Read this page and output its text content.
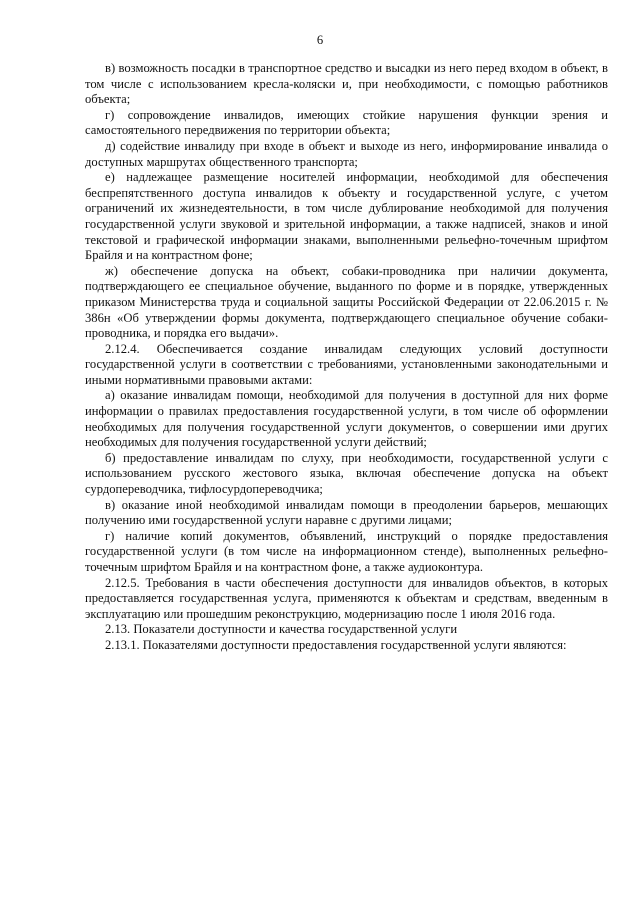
6

в) возможность посадки в транспортное средство и высадки из него перед входом в объект, в том числе с использованием кресла-коляски и, при необходимости, с помощью работников объекта;

г) сопровождение инвалидов, имеющих стойкие нарушения функции зрения и самостоятельного передвижения по территории объекта;

д) содействие инвалиду при входе в объект и выходе из него, информирование инвалида о доступных маршрутах общественного транспорта;

е) надлежащее размещение носителей информации, необходимой для обеспечения беспрепятственного доступа инвалидов к объекту и государственной услуге, с учетом ограничений их жизнедеятельности, в том числе дублирование необходимой для получения государственной услуги звуковой и зрительной информации, а также надписей, знаков и иной текстовой и графической информации знаками, выполненными рельефно-точечным шрифтом Брайля и на контрастном фоне;

ж) обеспечение допуска на объект, собаки-проводника при наличии документа, подтверждающего ее специальное обучение, выданного по форме и в порядке, утвержденных приказом Министерства труда и социальной защиты Российской Федерации от 22.06.2015 г. № 386н «Об утверждении формы документа, подтверждающего специальное обучение собаки-проводника, и порядка его выдачи».

2.12.4. Обеспечивается создание инвалидам следующих условий доступности государственной услуги в соответствии с требованиями, установленными законодательными и иными нормативными правовыми актами:

а) оказание инвалидам помощи, необходимой для получения в доступной для них форме информации о правилах предоставления государственной услуги, в том числе об оформлении необходимых для получения государственной услуги документов, о совершении ими других необходимых для получения государственной услуги действий;

б) предоставление инвалидам по слуху, при необходимости, государственной услуги с использованием русского жестового языка, включая обеспечение допуска на объект сурдопереводчика, тифлосурдопереводчика;

в) оказание иной необходимой инвалидам помощи в преодолении барьеров, мешающих получению ими государственной услуги наравне с другими лицами;

г) наличие копий документов, объявлений, инструкций о порядке предоставления государственной услуги (в том числе на информационном стенде), выполненных рельефно-точечным шрифтом Брайля и на контрастном фоне, а также аудиоконтура.

2.12.5. Требования в части обеспечения доступности для инвалидов объектов, в которых предоставляется государственная услуга, применяются к объектам и средствам, введенным в эксплуатацию или прошедшим реконструкцию, модернизацию после 1 июля 2016 года.

2.13. Показатели доступности и качества государственной услуги

2.13.1. Показателями доступности предоставления государственной услуги являются:
